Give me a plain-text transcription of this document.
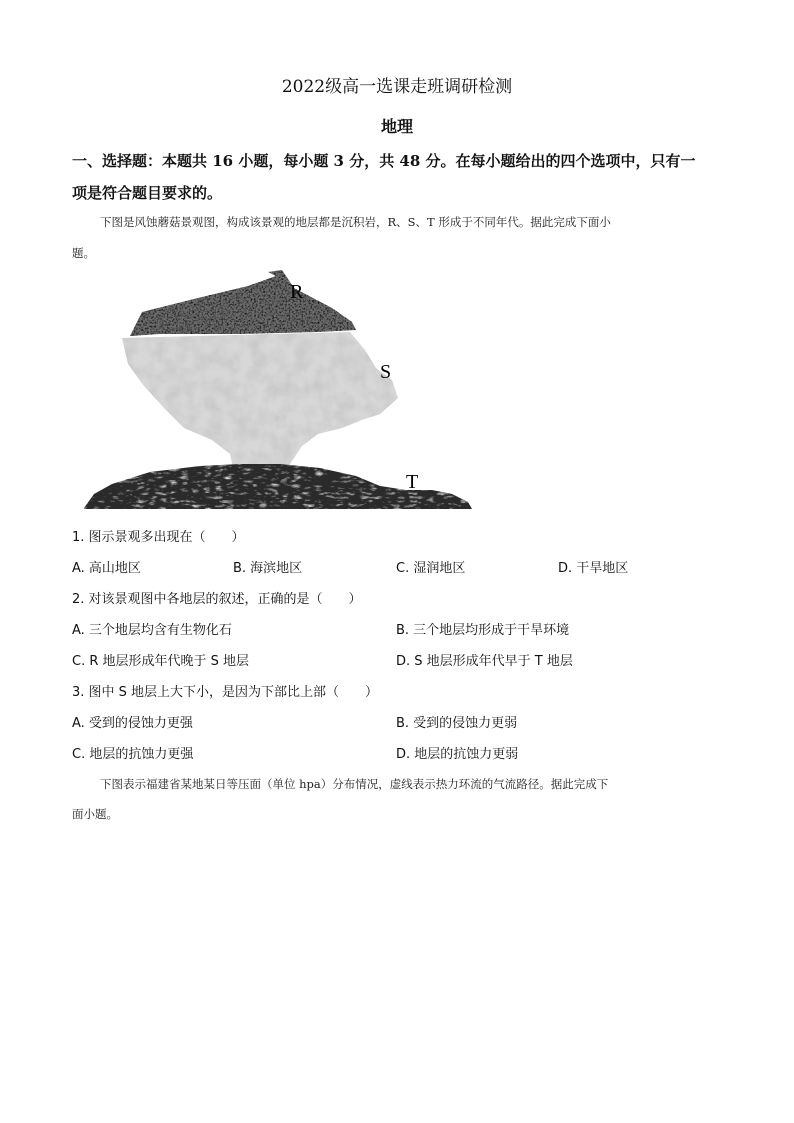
2022级高一选课走班调研检测
地理
一、选择题：本题共 16 小题，每小题 3 分，共 48 分。在每小题给出的四个选项中，只有一
项是符合题目要求的。
下图是风蚀蘑菇景观图，构成该景观的地层都是沉积岩，R、S、T 形成于不同年代。据此完成下面小
题。
R
S
T
1. 图示景观多出现在（　　）
A. 高山地区	B. 海滨地区	C. 湿润地区	D. 干旱地区
2. 对该景观图中各地层的叙述，正确的是（　　）
A. 三个地层均含有生物化石	B. 三个地层均形成于干旱环境
C. R 地层形成年代晚于 S 地层	D. S 地层形成年代早于 T 地层
3. 图中 S 地层上大下小，是因为下部比上部（　　）
A. 受到的侵蚀力更强	B. 受到的侵蚀力更弱
C. 地层的抗蚀力更强	D. 地层的抗蚀力更弱
下图表示福建省某地某日等压面（单位 hpa）分布情况，虚线表示热力环流的气流路径。据此完成下
面小题。
